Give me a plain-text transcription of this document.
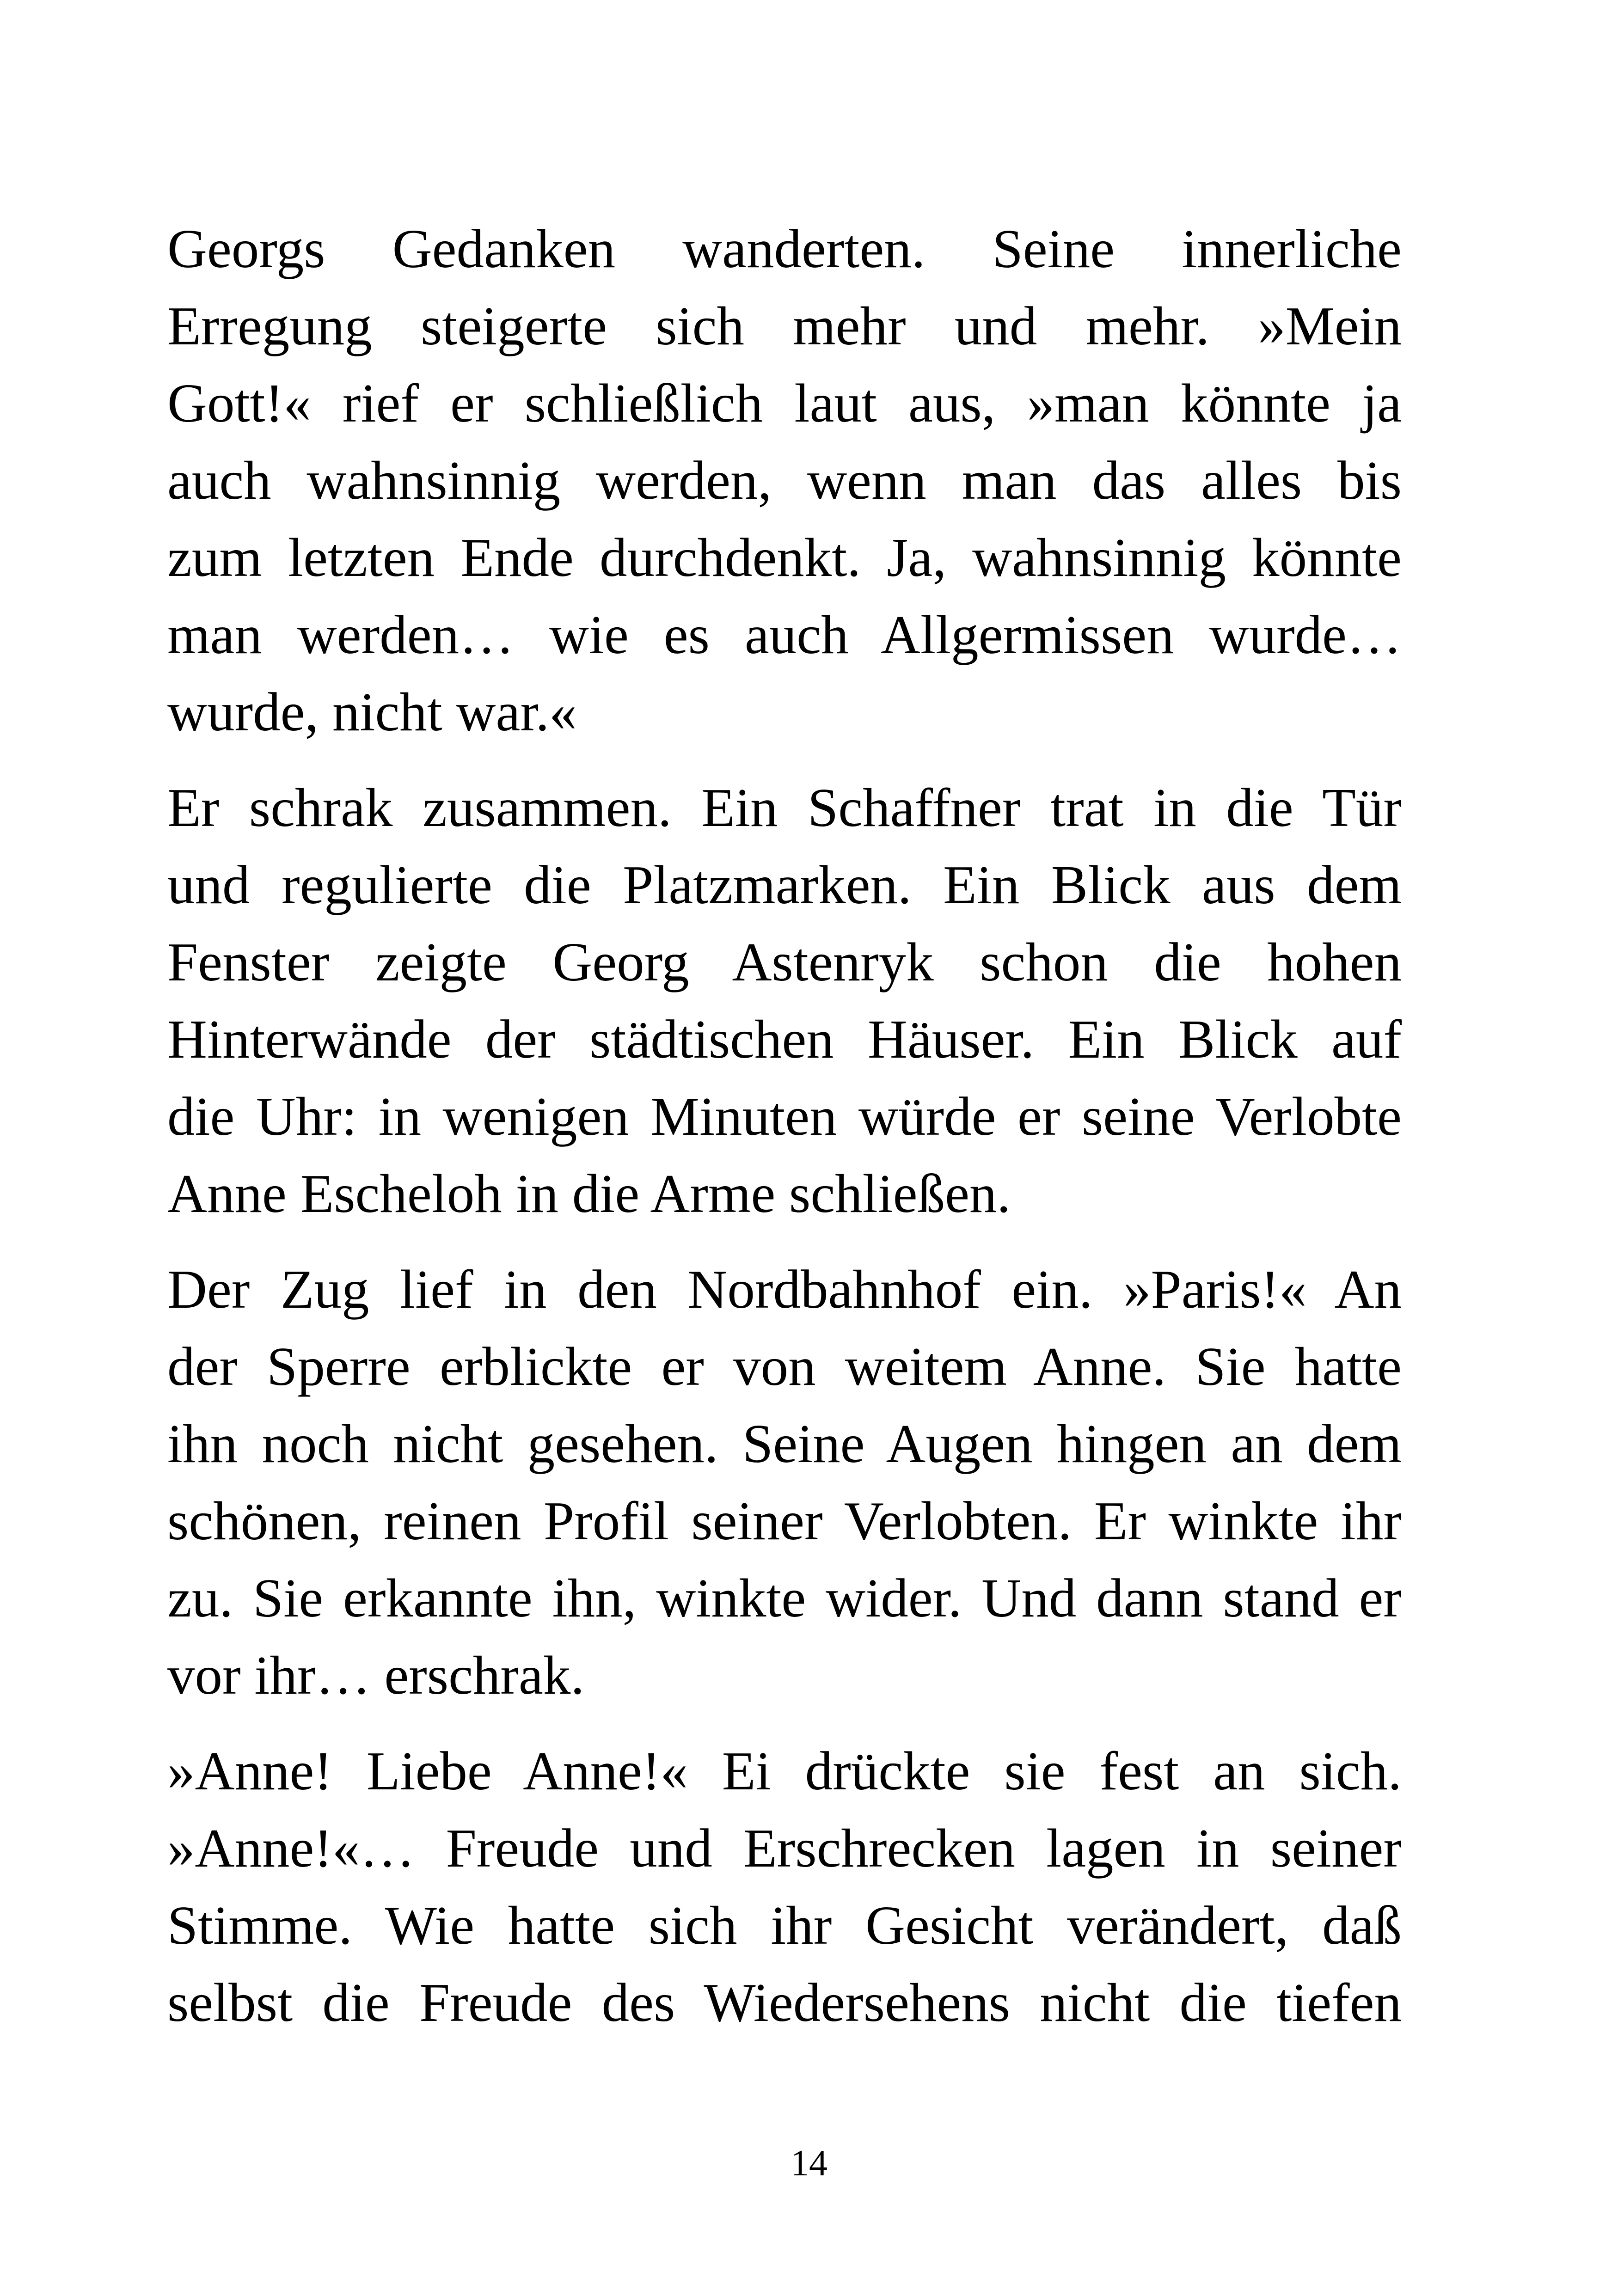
Georgs Gedanken wanderten. Seine innerliche
Erregung steigerte sich mehr und mehr. »Mein
Gott!« rief er schließlich laut aus, »man könnte ja
auch wahnsinnig werden, wenn man das alles bis
zum letzten Ende durchdenkt. Ja, wahnsinnig könnte
man werden… wie es auch Allgermissen wurde…
wurde, nicht war.«

Er schrak zusammen. Ein Schaffner trat in die Tür
und regulierte die Platzmarken. Ein Blick aus dem
Fenster zeigte Georg Astenryk schon die hohen
Hinterwände der städtischen Häuser. Ein Blick auf
die Uhr: in wenigen Minuten würde er seine Verlobte
Anne Escheloh in die Arme schließen.

Der Zug lief in den Nordbahnhof ein. »Paris!« An
der Sperre erblickte er von weitem Anne. Sie hatte
ihn noch nicht gesehen. Seine Augen hingen an dem
schönen, reinen Profil seiner Verlobten. Er winkte ihr
zu. Sie erkannte ihn, winkte wider. Und dann stand er
vor ihr… erschrak.

»Anne! Liebe Anne!« Ei drückte sie fest an sich.
»Anne!«… Freude und Erschrecken lagen in seiner
Stimme. Wie hatte sich ihr Gesicht verändert, daß
selbst die Freude des Wiedersehens nicht die tiefen

14
